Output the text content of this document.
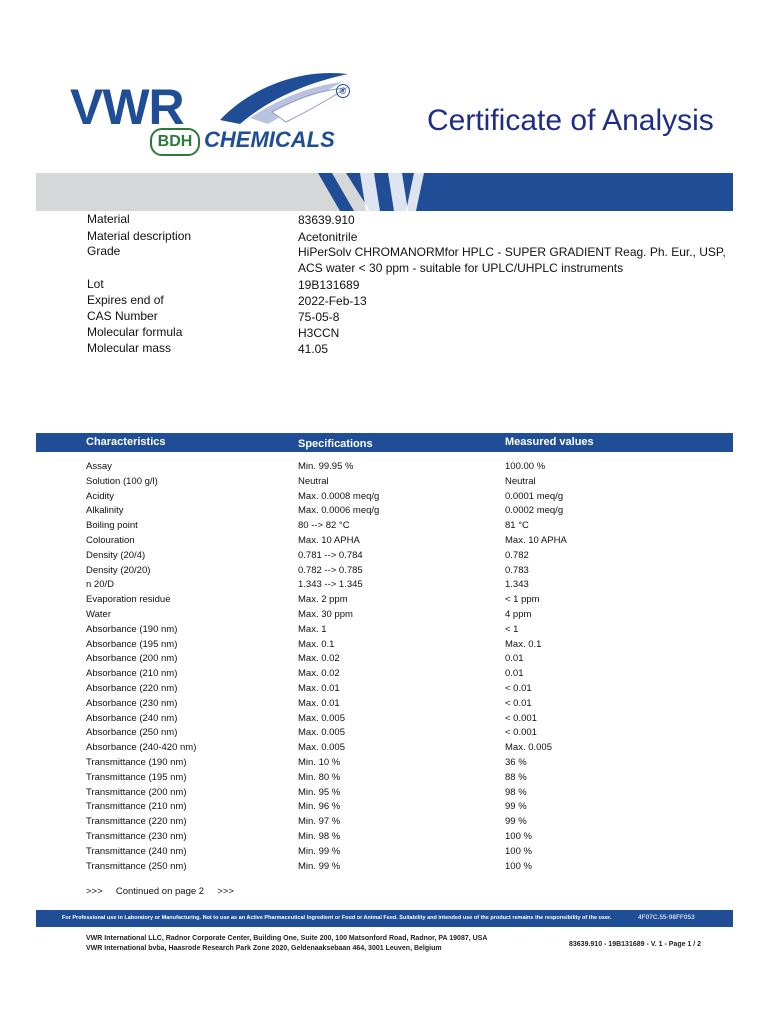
VWR	®
BDH CHEMICALS
Certificate of Analysis
Material	83639.910
Material description	Acetonitrile
Grade	HiPerSolv CHROMANORMfor HPLC - SUPER GRADIENT Reag. Ph. Eur., USP, ACS water < 30 ppm - suitable for UPLC/UHPLC instruments
Lot	19B131689
Expires end of	2022-Feb-13
CAS Number	75-05-8
Molecular formula	H3CCN
Molecular mass	41.05
Characteristics	Specifications	Measured values
Assay	Min. 99.95 %	100.00 %
Solution (100 g/l)	Neutral	Neutral
Acidity	Max. 0.0008 meq/g	0.0001 meq/g
Alkalinity	Max. 0.0006 meq/g	0.0002 meq/g
Boiling point	80 --> 82 °C	81 °C
Colouration	Max. 10 APHA	Max. 10 APHA
Density (20/4)	0.781 --> 0.784	0.782
Density (20/20)	0.782 --> 0.785	0.783
n 20/D	1.343 --> 1.345	1.343
Evaporation residue	Max. 2 ppm	< 1 ppm
Water	Max. 30 ppm	4 ppm
Absorbance (190 nm)	Max. 1	< 1
Absorbance (195 nm)	Max. 0.1	Max. 0.1
Absorbance (200 nm)	Max. 0.02	0.01
Absorbance (210 nm)	Max. 0.02	0.01
Absorbance (220 nm)	Max. 0.01	< 0.01
Absorbance (230 nm)	Max. 0.01	< 0.01
Absorbance (240 nm)	Max. 0.005	< 0.001
Absorbance (250 nm)	Max. 0.005	< 0.001
Absorbance (240-420 nm)	Max. 0.005	Max. 0.005
Transmittance (190 nm)	Min. 10 %	36 %
Transmittance (195 nm)	Min. 80 %	88 %
Transmittance (200 nm)	Min. 95 %	98 %
Transmittance (210 nm)	Min. 96 %	99 %
Transmittance (220 nm)	Min. 97 %	99 %
Transmittance (230 nm)	Min. 98 %	100 %
Transmittance (240 nm)	Min. 99 %	100 %
Transmittance (250 nm)	Min. 99 %	100 %
>>>     Continued on page 2     >>>
For Professional use in Laboratory or Manufacturing. Not to use as an Active Pharmaceutical Ingredient or Food or Animal Feed. Suitability and intended use of the product remains the responsibility of the user.	4F07C.55-98FF053
VWR International LLC, Radnor Corporate Center, Building One, Suite 200, 100 Matsonford Road, Radnor, PA 19087, USA
VWR International bvba, Haasrode Research Park Zone 2020, Geldenaaksebaan 464, 3001 Leuven, Belgium
83639.910 - 19B131689 - V. 1 - Page 1 / 2
